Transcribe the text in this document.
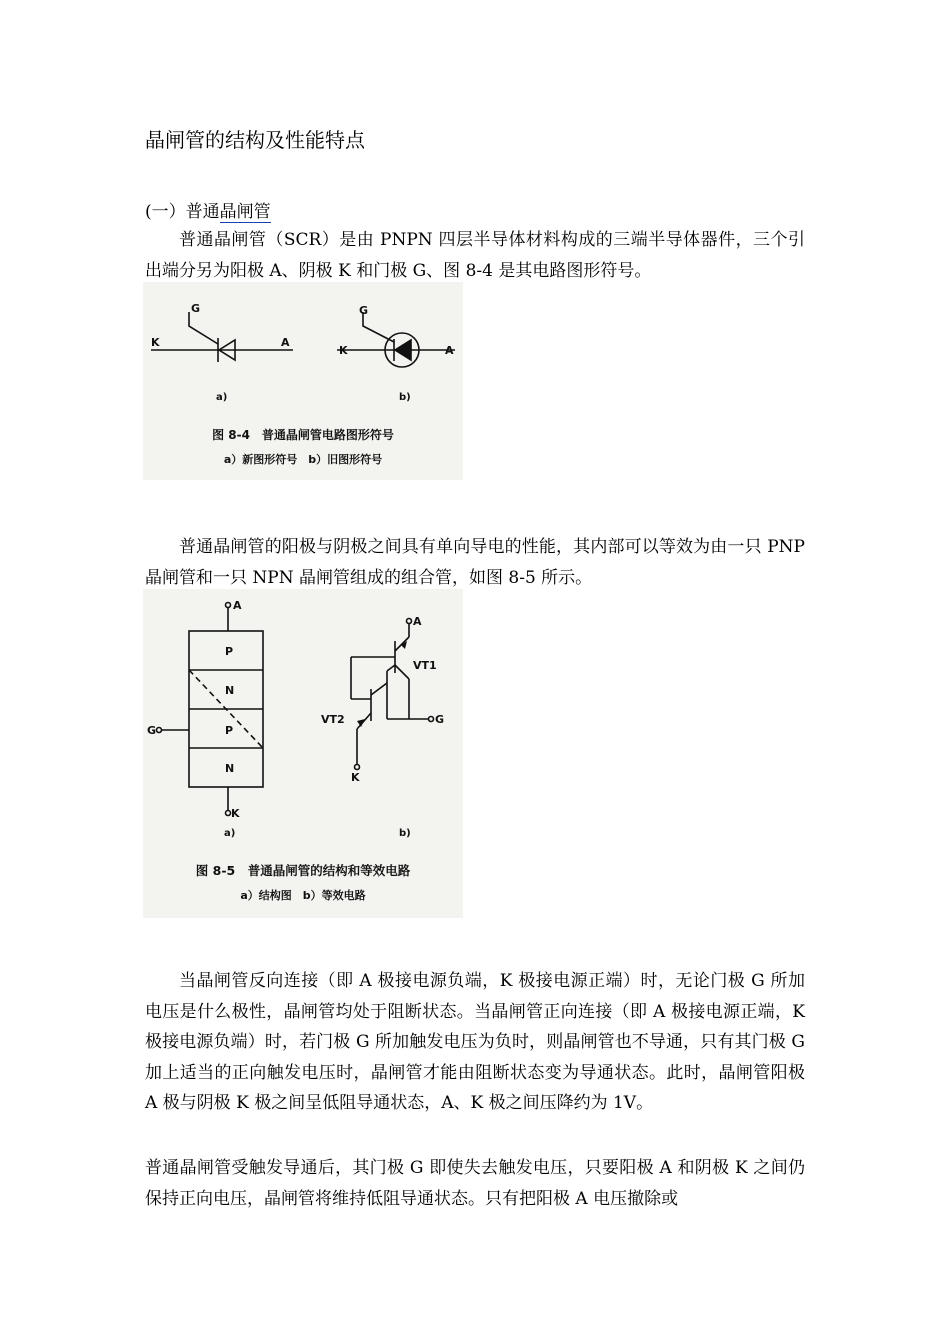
晶闸管的结构及性能特点
(一）普通晶闸管
普通晶闸管（SCR）是由 PNPN 四层半导体材料构成的三端半导体器件，三个引出端分另为阳极 A、阴极 K 和门极 G、图 8-4 是其电路图形符号。
G
K	A
G
K	A
a)	b)
图 8-4　普通晶闸管电路图形符号
a）新图形符号　b）旧图形符号
普通晶闸管的阳极与阴极之间具有单向导电的性能，其内部可以等效为由一只 PNP 晶闸管和一只 NPN 晶闸管组成的组合管，如图 8-5 所示。
P
N
P
N
A
G
K
A
VT1
VT2	G
K
a)	b)
图 8-5　普通晶闸管的结构和等效电路
a）结构图　b）等效电路
当晶闸管反向连接（即 A 极接电源负端，K 极接电源正端）时，无论门极 G 所加电压是什么极性，晶闸管均处于阻断状态。当晶闸管正向连接（即 A 极接电源正端，K 极接电源负端）时，若门极 G 所加触发电压为负时，则晶闸管也不导通，只有其门极 G 加上适当的正向触发电压时，晶闸管才能由阻断状态变为导通状态。此时，晶闸管阳极 A 极与阴极 K 极之间呈低阻导通状态，A、K 极之间压降约为 1V。
普通晶闸管受触发导通后，其门极 G 即使失去触发电压，只要阳极 A 和阴极 K 之间仍保持正向电压，晶闸管将维持低阻导通状态。只有把阳极 A 电压撤除或
